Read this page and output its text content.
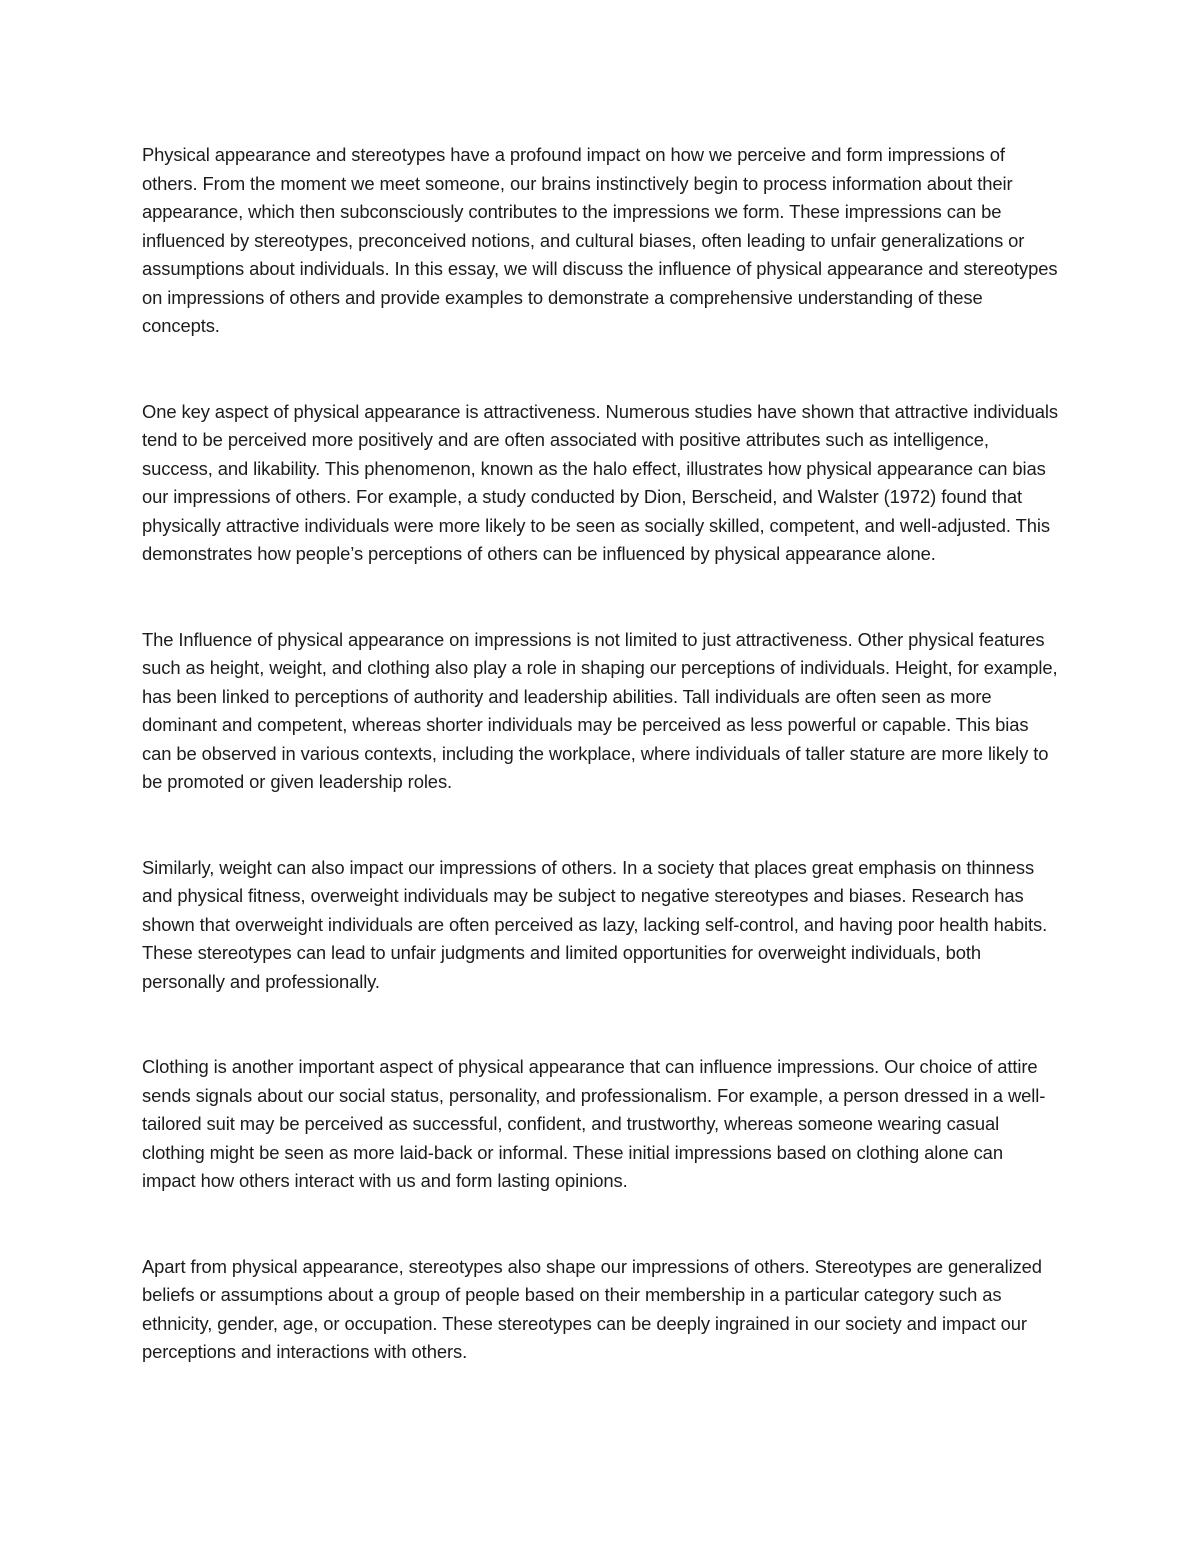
Physical appearance and stereotypes have a profound impact on how we perceive and form impressions of others. From the moment we meet someone, our brains instinctively begin to process information about their appearance, which then subconsciously contributes to the impressions we form. These impressions can be influenced by stereotypes, preconceived notions, and cultural biases, often leading to unfair generalizations or assumptions about individuals. In this essay, we will discuss the influence of physical appearance and stereotypes on impressions of others and provide examples to demonstrate a comprehensive understanding of these concepts.

One key aspect of physical appearance is attractiveness. Numerous studies have shown that attractive individuals tend to be perceived more positively and are often associated with positive attributes such as intelligence, success, and likability. This phenomenon, known as the halo effect, illustrates how physical appearance can bias our impressions of others. For example, a study conducted by Dion, Berscheid, and Walster (1972) found that physically attractive individuals were more likely to be seen as socially skilled, competent, and well-adjusted. This demonstrates how people’s perceptions of others can be influenced by physical appearance alone.

The Influence of physical appearance on impressions is not limited to just attractiveness. Other physical features such as height, weight, and clothing also play a role in shaping our perceptions of individuals. Height, for example, has been linked to perceptions of authority and leadership abilities. Tall individuals are often seen as more dominant and competent, whereas shorter individuals may be perceived as less powerful or capable. This bias can be observed in various contexts, including the workplace, where individuals of taller stature are more likely to be promoted or given leadership roles.

Similarly, weight can also impact our impressions of others. In a society that places great emphasis on thinness and physical fitness, overweight individuals may be subject to negative stereotypes and biases. Research has shown that overweight individuals are often perceived as lazy, lacking self-control, and having poor health habits. These stereotypes can lead to unfair judgments and limited opportunities for overweight individuals, both personally and professionally.

Clothing is another important aspect of physical appearance that can influence impressions. Our choice of attire sends signals about our social status, personality, and professionalism. For example, a person dressed in a well-tailored suit may be perceived as successful, confident, and trustworthy, whereas someone wearing casual clothing might be seen as more laid-back or informal. These initial impressions based on clothing alone can impact how others interact with us and form lasting opinions.

Apart from physical appearance, stereotypes also shape our impressions of others. Stereotypes are generalized beliefs or assumptions about a group of people based on their membership in a particular category such as ethnicity, gender, age, or occupation. These stereotypes can be deeply ingrained in our society and impact our perceptions and interactions with others.
